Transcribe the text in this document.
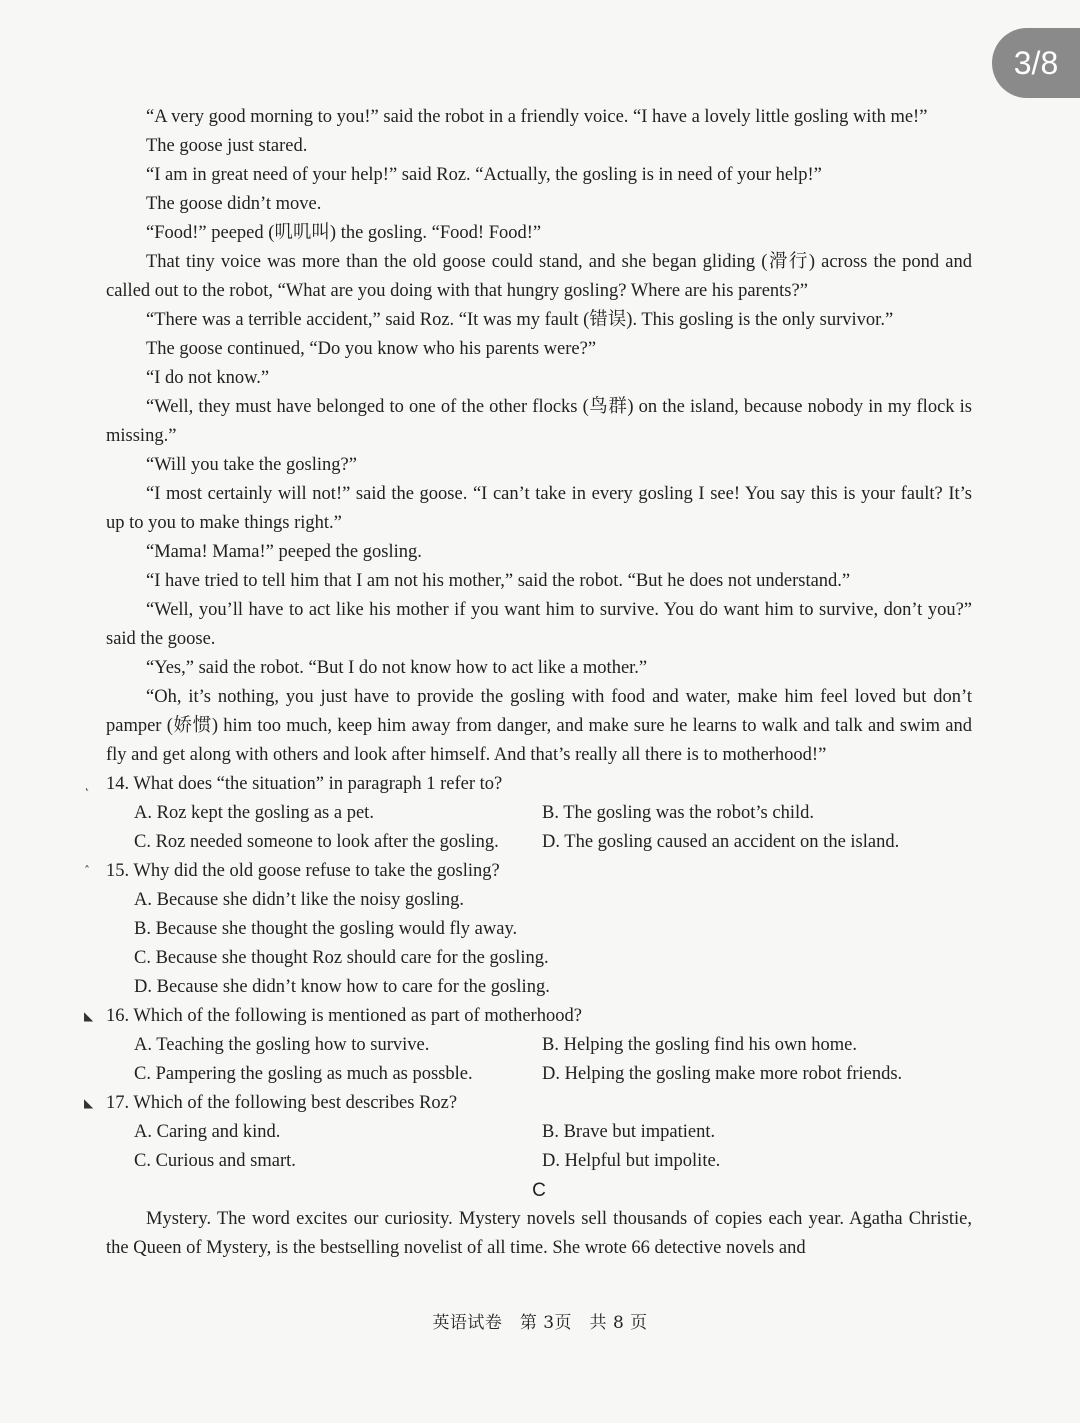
3/8

“A very good morning to you!” said the robot in a friendly voice. “I have a lovely little gosling with me!”

The goose just stared.

“I am in great need of your help!” said Roz. “Actually, the gosling is in need of your help!”

The goose didn’t move.

“Food!” peeped (叽叽叫) the gosling. “Food! Food!”

That tiny voice was more than the old goose could stand, and she began gliding (滑行) across the pond and called out to the robot, “What are you doing with that hungry gosling? Where are his parents?”

“There was a terrible accident,” said Roz. “It was my fault (错误). This gosling is the only survivor.”

The goose continued, “Do you know who his parents were?”

“I do not know.”

“Well, they must have belonged to one of the other flocks (鸟群) on the island, because nobody in my flock is missing.”

“Will you take the gosling?”

“I most certainly will not!” said the goose. “I can’t take in every gosling I see! You say this is your fault? It’s up to you to make things right.”

“Mama! Mama!” peeped the gosling.

“I have tried to tell him that I am not his mother,” said the robot. “But he does not understand.”

“Well, you’ll have to act like his mother if you want him to survive. You do want him to survive, don’t you?” said the goose.

“Yes,” said the robot. “But I do not know how to act like a mother.”

“Oh, it’s nothing, you just have to provide the gosling with food and water, make him feel loved but don’t pamper (娇惯) him too much, keep him away from danger, and make sure he learns to walk and talk and swim and fly and get along with others and look after himself. And that’s really all there is to motherhood!”

˛ 14. What does “the situation” in paragraph 1 refer to?

A. Roz kept the gosling as a pet.	B. The gosling was the robot’s child.

C. Roz needed someone to look after the gosling.	D. The gosling caused an accident on the island.

ˆ 15. Why did the old goose refuse to take the gosling?

A. Because she didn’t like the noisy gosling.

B. Because she thought the gosling would fly away.

C. Because she thought Roz should care for the gosling.

D. Because she didn’t know how to care for the gosling.

◣ 16. Which of the following is mentioned as part of motherhood?

A. Teaching the gosling how to survive.	B. Helping the gosling find his own home.

C. Pampering the gosling as much as possble.	D. Helping the gosling make more robot friends.

◣ 17. Which of the following best describes Roz?

A. Caring and kind.	B. Brave but impatient.

C. Curious and smart.	D. Helpful but impolite.

C

Mystery. The word excites our curiosity. Mystery novels sell thousands of copies each year. Agatha Christie, the Queen of Mystery, is the bestselling novelist of all time. She wrote 66 detective novels and

英语试卷　第 3页　共 8 页
